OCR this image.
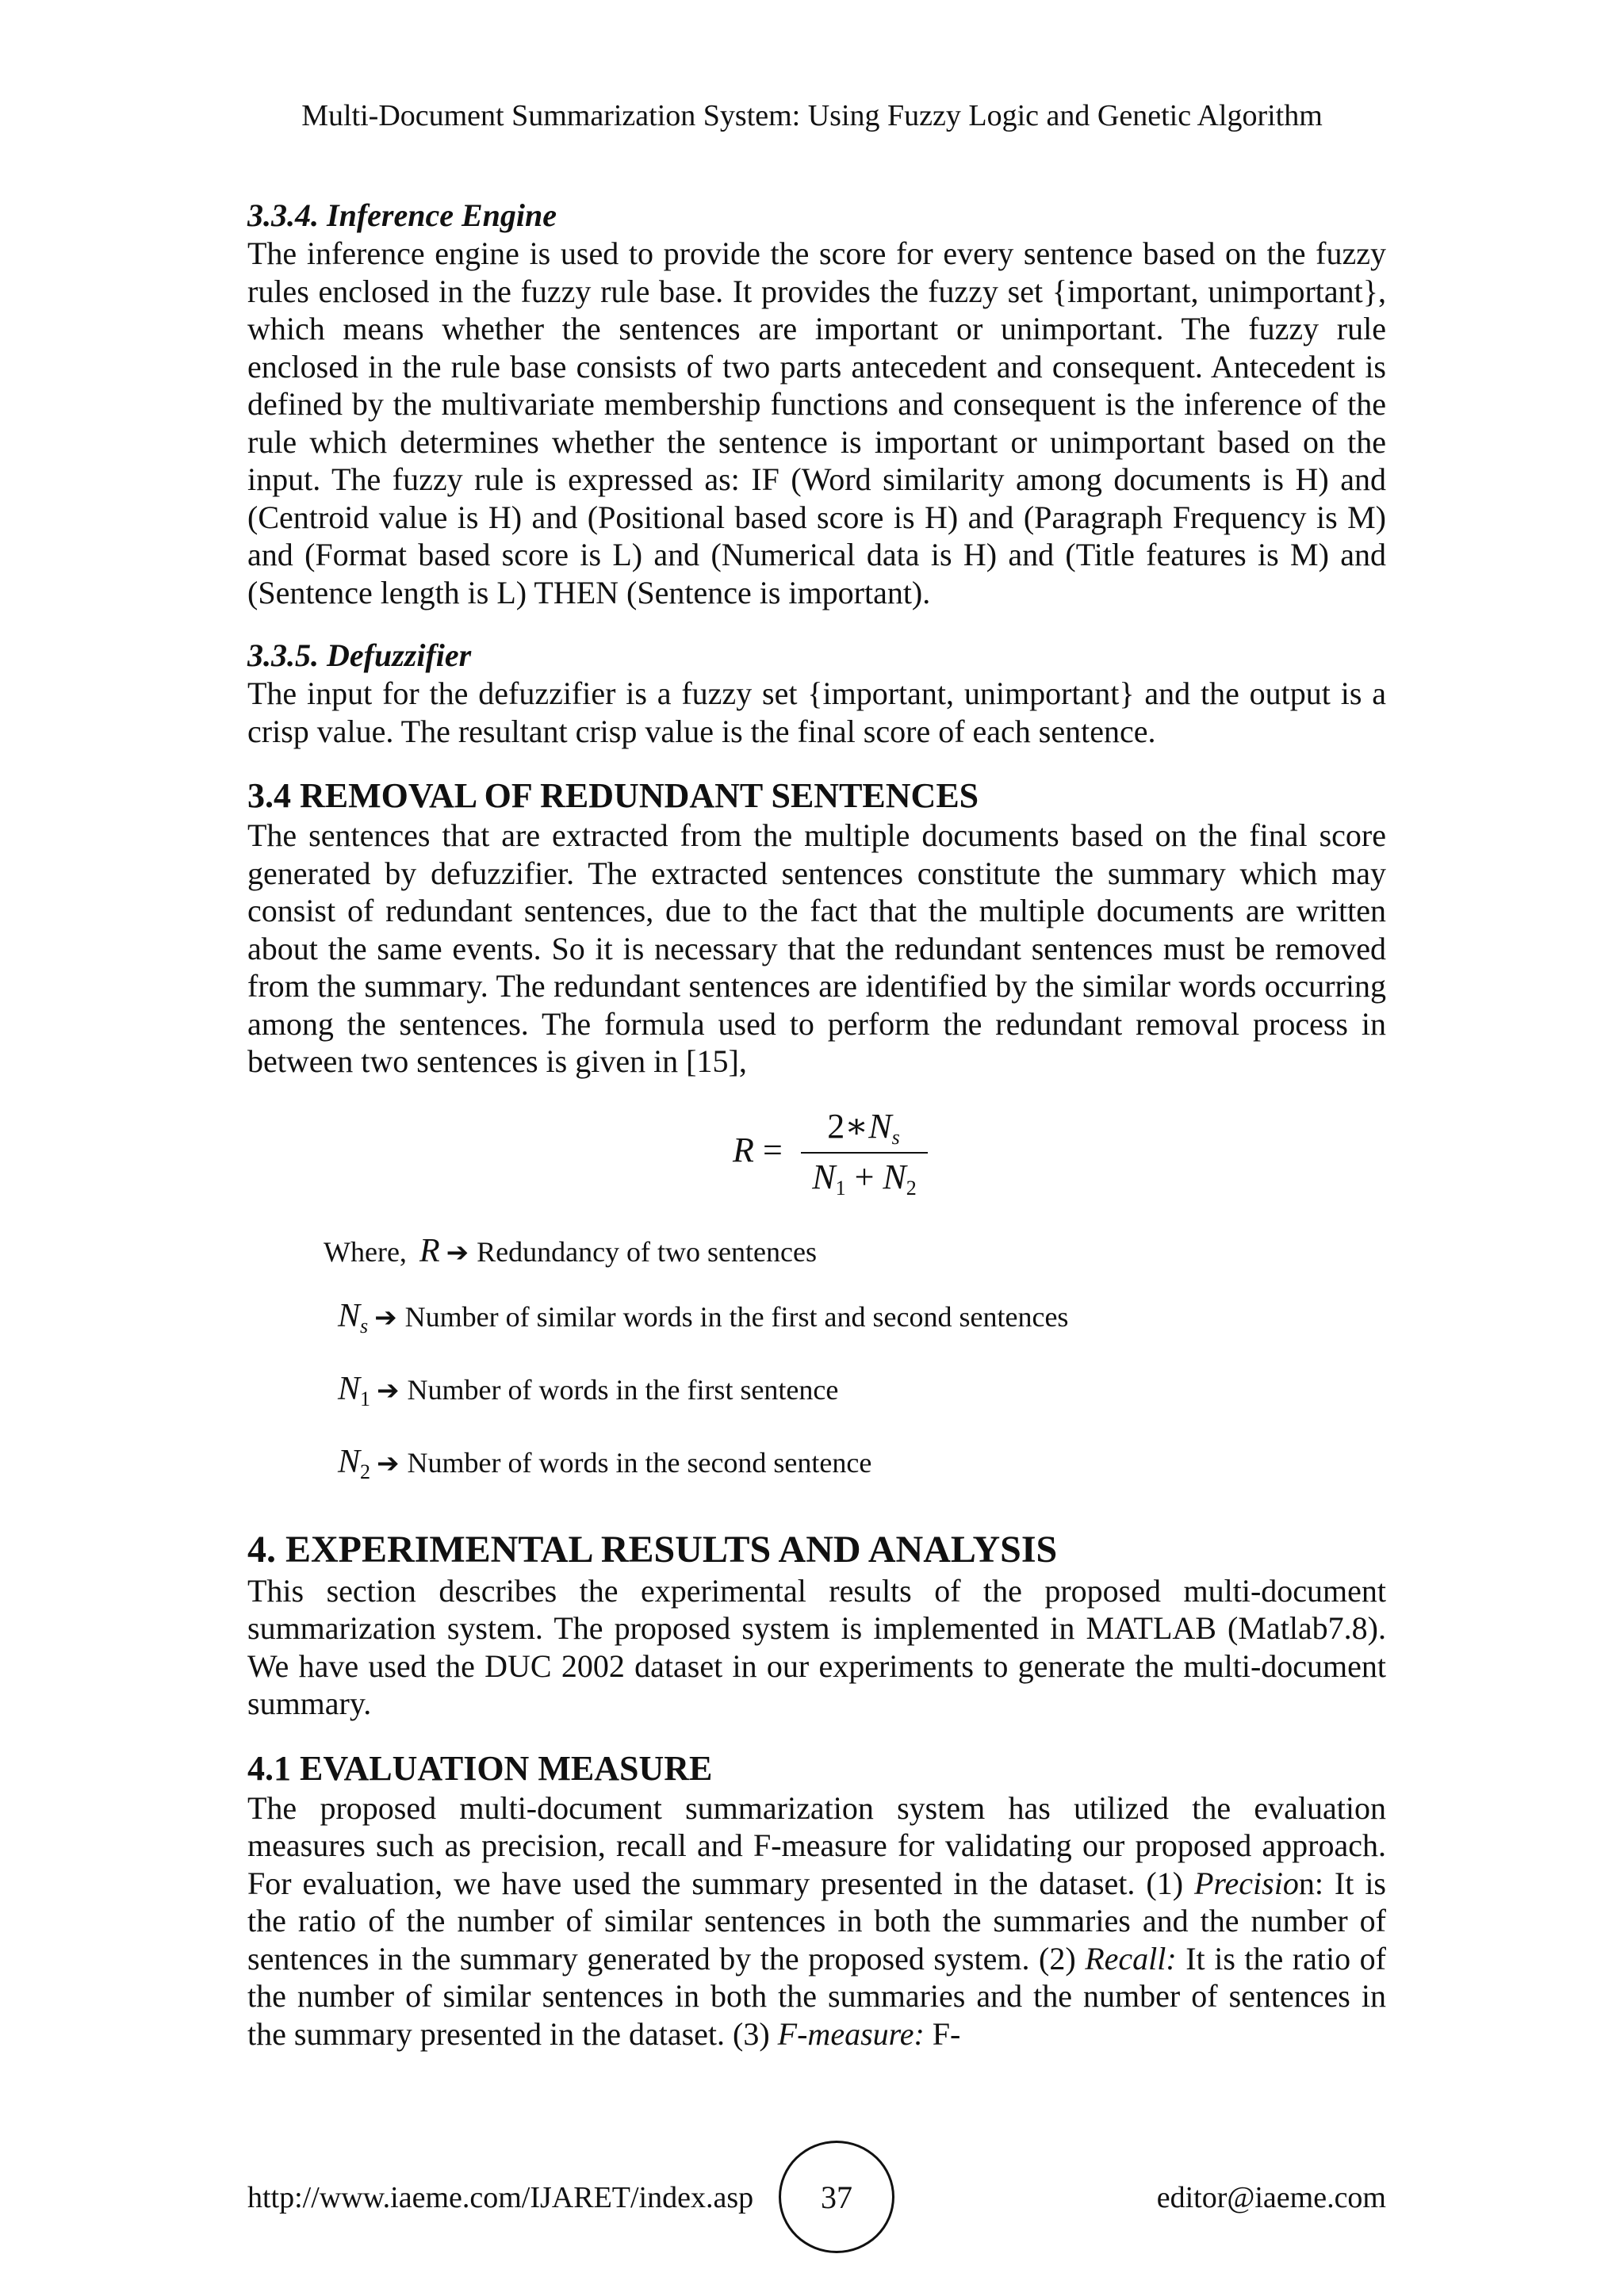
Multi-Document Summarization System: Using Fuzzy Logic and Genetic Algorithm
3.3.4. Inference Engine

The inference engine is used to provide the score for every sentence based on the fuzzy rules enclosed in the fuzzy rule base. It provides the fuzzy set {important, unimportant}, which means whether the sentences are important or unimportant. The fuzzy rule enclosed in the rule base consists of two parts antecedent and consequent. Antecedent is defined by the multivariate membership functions and consequent is the inference of the rule which determines whether the sentence is important or unimportant based on the input. The fuzzy rule is expressed as: IF (Word similarity among documents is H) and (Centroid value is H) and (Positional based score is H) and (Paragraph Frequency is M) and (Format based score is L) and (Numerical data is H) and (Title features is M) and (Sentence length is L) THEN (Sentence is important).

3.3.5. Defuzzifier

The input for the defuzzifier is a fuzzy set {important, unimportant} and the output is a crisp value. The resultant crisp value is the final score of each sentence.

3.4 REMOVAL OF REDUNDANT SENTENCES

The sentences that are extracted from the multiple documents based on the final score generated by defuzzifier. The extracted sentences constitute the summary which may consist of redundant sentences, due to the fact that the multiple documents are written about the same events. So it is necessary that the redundant sentences must be removed from the summary. The redundant sentences are identified by the similar words occurring among the sentences. The formula used to perform the redundant removal process in between two sentences is given in [15],

R =
$2∗N_s$
$N_1 + N_2$
Where, R ➔ Redundancy of two sentences
$N_s$ ➔ Number of similar words in the first and second sentences
$N_1$ ➔ Number of words in the first sentence
$N_2$ ➔ Number of words in the second sentence
4. EXPERIMENTAL RESULTS AND ANALYSIS

This section describes the experimental results of the proposed multi-document summarization system. The proposed system is implemented in MATLAB (Matlab7.8). We have used the DUC 2002 dataset in our experiments to generate the multi-document summary.

4.1 EVALUATION MEASURE

The proposed multi-document summarization system has utilized the evaluation measures such as precision, recall and F-measure for validating our proposed approach. For evaluation, we have used the summary presented in the dataset. (1) Precision: It is the ratio of the number of similar sentences in both the summaries and the number of sentences in the summary generated by the proposed system. (2) Recall: It is the ratio of the number of similar sentences in both the summaries and the number of sentences in the summary presented in the dataset. (3) F-measure: F-

http://www.iaeme.com/IJARET/index.asp	37	editor@iaeme.com
